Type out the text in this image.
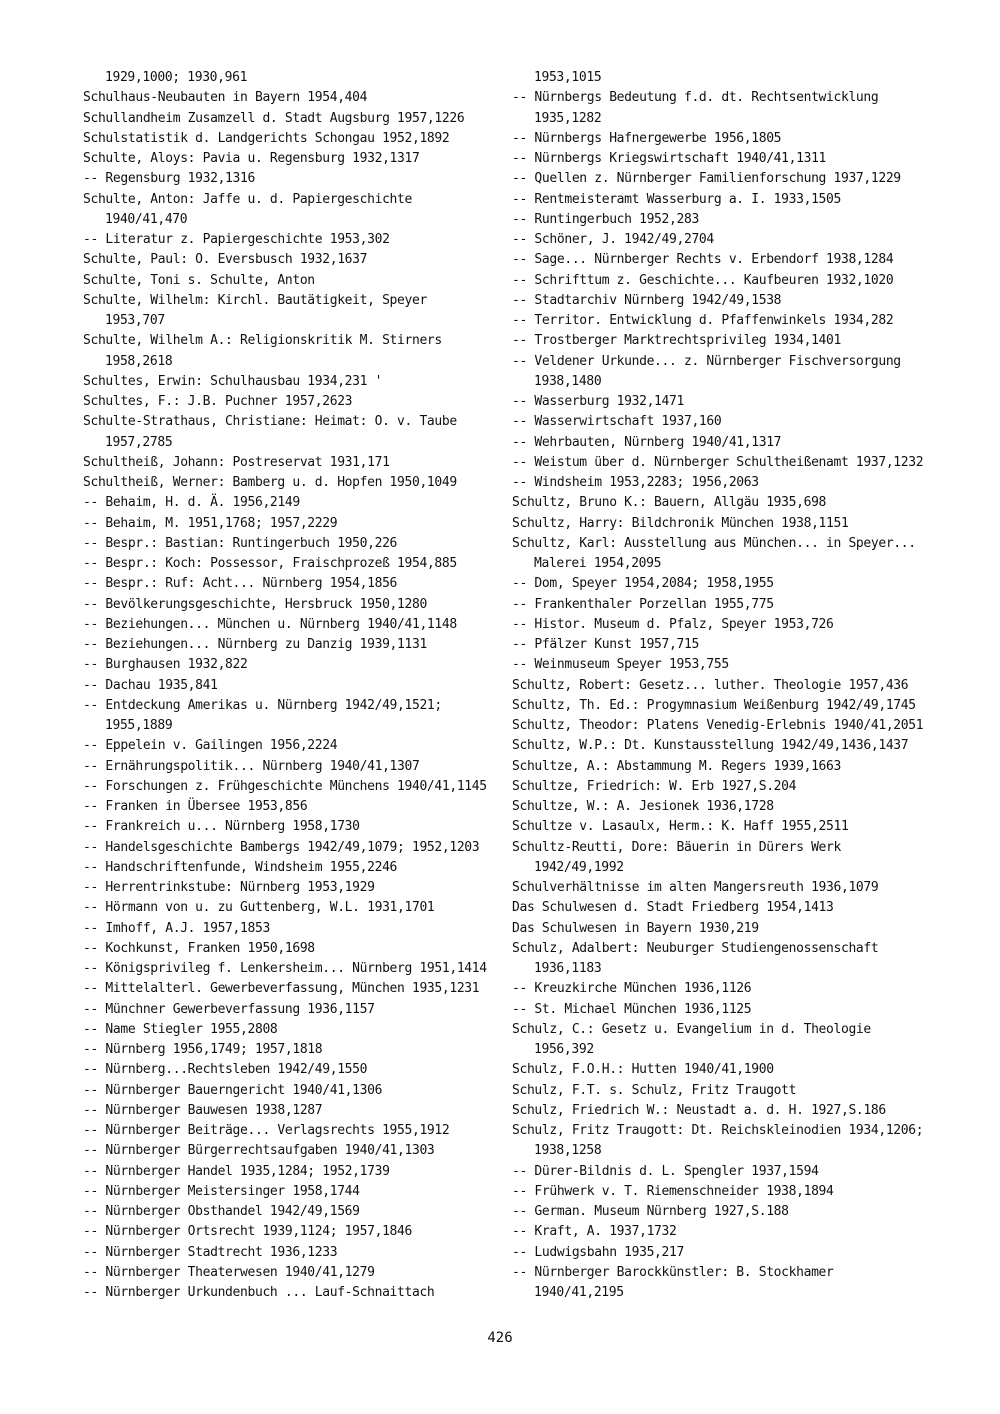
1929,1000; 1930,961
Schulhaus-Neubauten in Bayern 1954,404
Schullandheim Zusamzell d. Stadt Augsburg 1957,1226
Schulstatistik d. Landgerichts Schongau 1952,1892
Schulte, Aloys: Pavia u. Regensburg 1932,1317
-- Regensburg 1932,1316
Schulte, Anton: Jaffe u. d. Papiergeschichte
1940/41,470
-- Literatur z. Papiergeschichte 1953,302
Schulte, Paul: O. Eversbusch 1932,1637
Schulte, Toni s. Schulte, Anton
Schulte, Wilhelm: Kirchl. Bautätigkeit, Speyer
1953,707
Schulte, Wilhelm A.: Religionskritik M. Stirners
1958,2618
Schultes, Erwin: Schulhausbau 1934,231 '
Schultes, F.: J.B. Puchner 1957,2623
Schulte-Strathaus, Christiane: Heimat: O. v. Taube
1957,2785
Schultheiß, Johann: Postreservat 1931,171
Schultheiß, Werner: Bamberg u. d. Hopfen 1950,1049
-- Behaim, H. d. Ä. 1956,2149
-- Behaim, M. 1951,1768; 1957,2229
-- Bespr.: Bastian: Runtingerbuch 1950,226
-- Bespr.: Koch: Possessor, Fraischprozeß 1954,885
-- Bespr.: Ruf: Acht... Nürnberg 1954,1856
-- Bevölkerungsgeschichte, Hersbruck 1950,1280
-- Beziehungen... München u. Nürnberg 1940/41,1148
-- Beziehungen... Nürnberg zu Danzig 1939,1131
-- Burghausen 1932,822
-- Dachau 1935,841
-- Entdeckung Amerikas u. Nürnberg 1942/49,1521;
1955,1889
-- Eppelein v. Gailingen 1956,2224
-- Ernährungspolitik... Nürnberg 1940/41,1307
-- Forschungen z. Frühgeschichte Münchens 1940/41,1145
-- Franken in Übersee 1953,856
-- Frankreich u... Nürnberg 1958,1730
-- Handelsgeschichte Bambergs 1942/49,1079; 1952,1203
-- Handschriftenfunde, Windsheim 1955,2246
-- Herrentrinkstube: Nürnberg 1953,1929
-- Hörmann von u. zu Guttenberg, W.L. 1931,1701
-- Imhoff, A.J. 1957,1853
-- Kochkunst, Franken 1950,1698
-- Königsprivileg f. Lenkersheim... Nürnberg 1951,1414
-- Mittelalterl. Gewerbeverfassung, München 1935,1231
-- Münchner Gewerbeverfassung 1936,1157
-- Name Stiegler 1955,2808
-- Nürnberg 1956,1749; 1957,1818
-- Nürnberg...Rechtsleben 1942/49,1550
-- Nürnberger Bauerngericht 1940/41,1306
-- Nürnberger Bauwesen 1938,1287
-- Nürnberger Beiträge... Verlagsrechts 1955,1912
-- Nürnberger Bürgerrechtsaufgaben 1940/41,1303
-- Nürnberger Handel 1935,1284; 1952,1739
-- Nürnberger Meistersinger 1958,1744
-- Nürnberger Obsthandel 1942/49,1569
-- Nürnberger Ortsrecht 1939,1124; 1957,1846
-- Nürnberger Stadtrecht 1936,1233
-- Nürnberger Theaterwesen 1940/41,1279
-- Nürnberger Urkundenbuch ... Lauf-Schnaittach
1953,1015
-- Nürnbergs Bedeutung f.d. dt. Rechtsentwicklung
1935,1282
-- Nürnbergs Hafnergewerbe 1956,1805
-- Nürnbergs Kriegswirtschaft 1940/41,1311
-- Quellen z. Nürnberger Familienforschung 1937,1229
-- Rentmeisteramt Wasserburg a. I. 1933,1505
-- Runtingerbuch 1952,283
-- Schöner, J. 1942/49,2704
-- Sage... Nürnberger Rechts v. Erbendorf 1938,1284
-- Schrifttum z. Geschichte... Kaufbeuren 1932,1020
-- Stadtarchiv Nürnberg 1942/49,1538
-- Territor. Entwicklung d. Pfaffenwinkels 1934,282
-- Trostberger Marktrechtsprivileg 1934,1401
-- Veldener Urkunde... z. Nürnberger Fischversorgung
1938,1480
-- Wasserburg 1932,1471
-- Wasserwirtschaft 1937,160
-- Wehrbauten, Nürnberg 1940/41,1317
-- Weistum über d. Nürnberger Schultheißenamt 1937,1232
-- Windsheim 1953,2283; 1956,2063
Schultz, Bruno K.: Bauern, Allgäu 1935,698
Schultz, Harry: Bildchronik München 1938,1151
Schultz, Karl: Ausstellung aus München... in Speyer...
Malerei 1954,2095
-- Dom, Speyer 1954,2084; 1958,1955
-- Frankenthaler Porzellan 1955,775
-- Histor. Museum d. Pfalz, Speyer 1953,726
-- Pfälzer Kunst 1957,715
-- Weinmuseum Speyer 1953,755
Schultz, Robert: Gesetz... luther. Theologie 1957,436
Schultz, Th. Ed.: Progymnasium Weißenburg 1942/49,1745
Schultz, Theodor: Platens Venedig-Erlebnis 1940/41,2051
Schultz, W.P.: Dt. Kunstausstellung 1942/49,1436,1437
Schultze, A.: Abstammung M. Regers 1939,1663
Schultze, Friedrich: W. Erb 1927,S.204
Schultze, W.: A. Jesionek 1936,1728
Schultze v. Lasaulx, Herm.: K. Haff 1955,2511
Schultz-Reutti, Dore: Bäuerin in Dürers Werk
1942/49,1992
Schulverhältnisse im alten Mangersreuth 1936,1079
Das Schulwesen d. Stadt Friedberg 1954,1413
Das Schulwesen in Bayern 1930,219
Schulz, Adalbert: Neuburger Studiengenossenschaft
1936,1183
-- Kreuzkirche München 1936,1126
-- St. Michael München 1936,1125
Schulz, C.: Gesetz u. Evangelium in d. Theologie
1956,392
Schulz, F.O.H.: Hutten 1940/41,1900
Schulz, F.T. s. Schulz, Fritz Traugott
Schulz, Friedrich W.: Neustadt a. d. H. 1927,S.186
Schulz, Fritz Traugott: Dt. Reichskleinodien 1934,1206;
1938,1258
-- Dürer-Bildnis d. L. Spengler 1937,1594
-- Frühwerk v. T. Riemenschneider 1938,1894
-- German. Museum Nürnberg 1927,S.188
-- Kraft, A. 1937,1732
-- Ludwigsbahn 1935,217
-- Nürnberger Barockkünstler: B. Stockhamer
1940/41,2195
426
